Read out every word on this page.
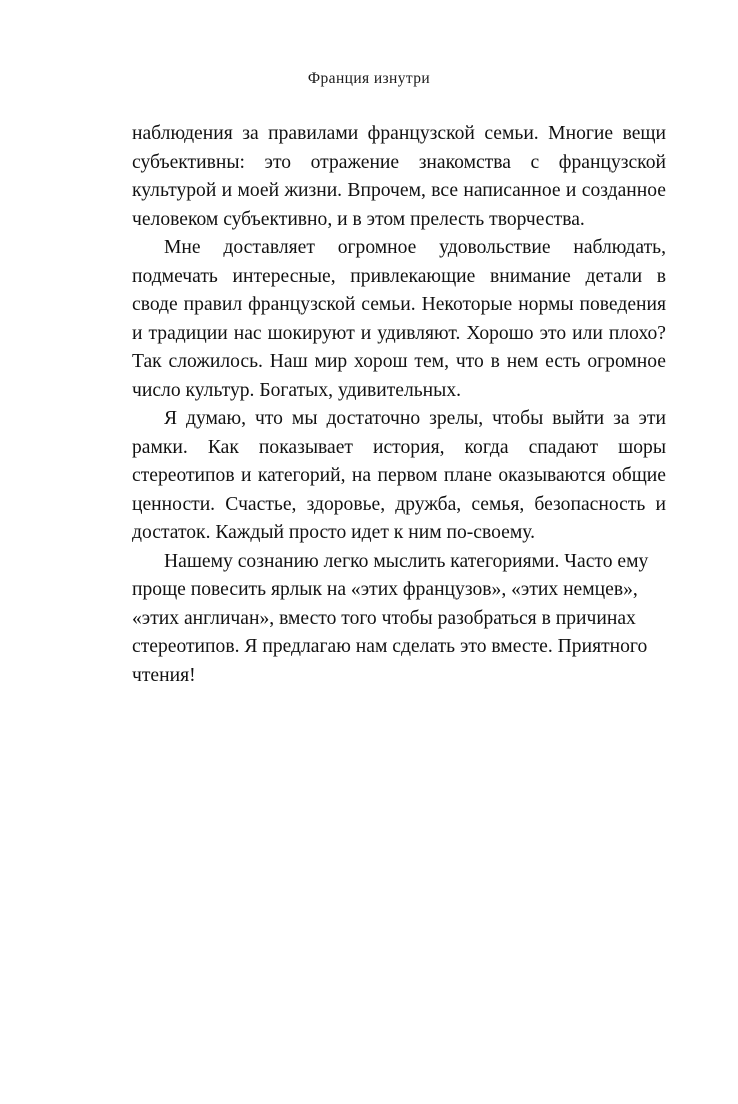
Франция изнутри

наблюдения за правилами французской семьи. Многие вещи субъективны: это отражение знакомства с французской культурой и моей жизни. Впрочем, все написанное и созданное человеком субъективно, и в этом прелесть творчества.

Мне доставляет огромное удовольствие наблюдать, подмечать интересные, привлекающие внимание детали в своде правил французской семьи. Некоторые нормы поведения и традиции нас шокируют и удивляют. Хорошо это или плохо? Так сложилось. Наш мир хорош тем, что в нем есть огромное число культур. Богатых, удивительных.

Я думаю, что мы достаточно зрелы, чтобы выйти за эти рамки. Как показывает история, когда спадают шоры стереотипов и категорий, на первом плане оказываются общие ценности. Счастье, здоровье, дружба, семья, безопасность и достаток. Каждый просто идет к ним по-своему.

Нашему сознанию легко мыслить категориями. Часто ему проще повесить ярлык на «этих французов», «этих немцев», «этих англичан», вместо того чтобы разобраться в причинах стереотипов. Я предлагаю нам сделать это вместе. Приятного чтения!
